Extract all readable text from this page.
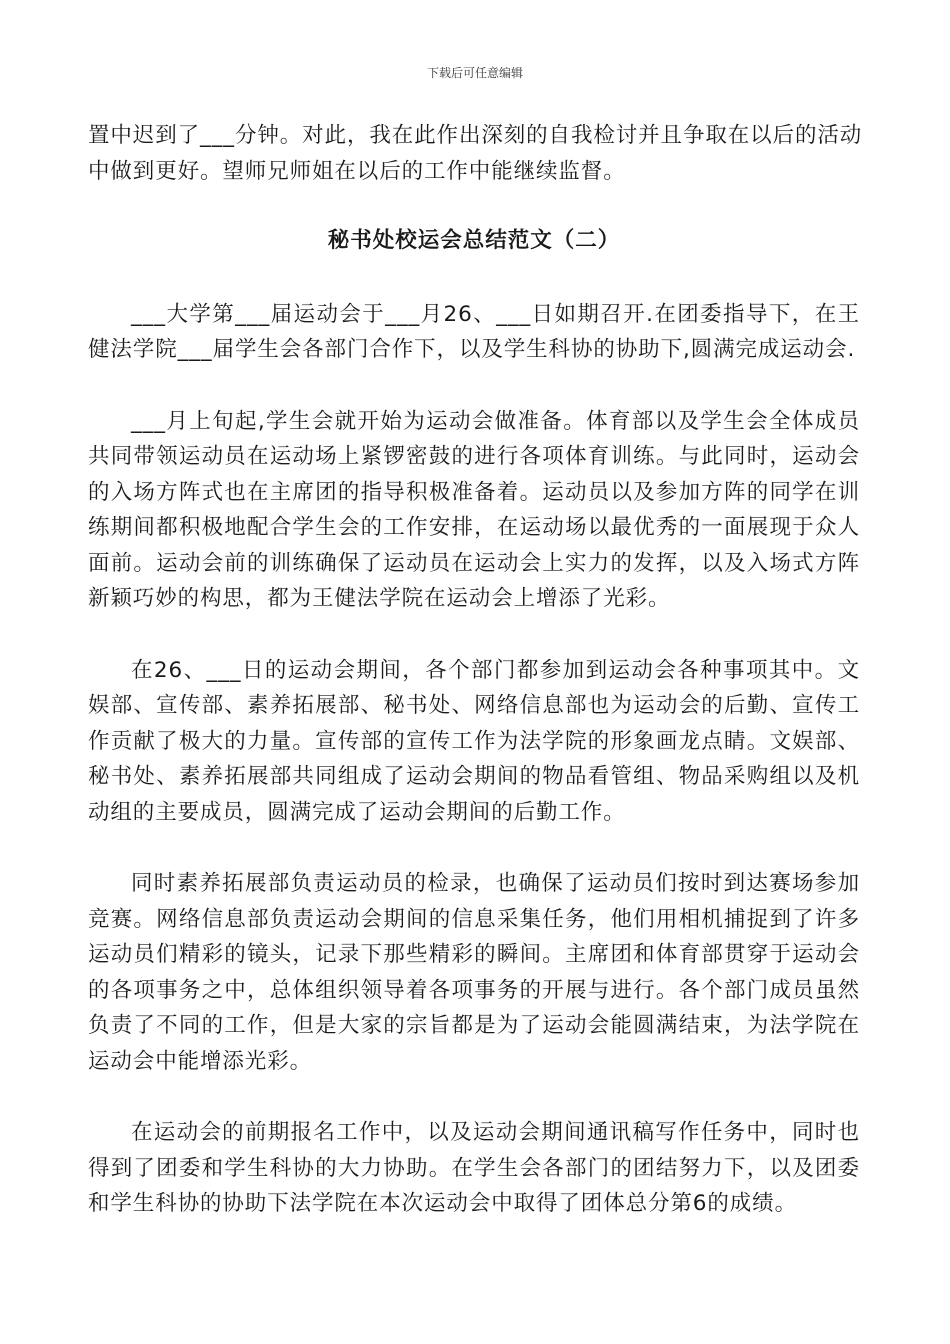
下载后可任意编辑

置中迟到了___分钟。对此，我在此作出深刻的自我检讨并且争取在以后的活动
中做到更好。望师兄师姐在以后的工作中能继续监督。

秘书处校运会总结范文（二）

___大学第___届运动会于___月26、___日如期召开.在团委指导下，在王
健法学院___届学生会各部门合作下，以及学生科协的协助下,圆满完成运动会.

___月上旬起,学生会就开始为运动会做准备。体育部以及学生会全体成员
共同带领运动员在运动场上紧锣密鼓的进行各项体育训练。与此同时，运动会
的入场方阵式也在主席团的指导积极准备着。运动员以及参加方阵的同学在训
练期间都积极地配合学生会的工作安排，在运动场以最优秀的一面展现于众人
面前。运动会前的训练确保了运动员在运动会上实力的发挥，以及入场式方阵
新颖巧妙的构思，都为王健法学院在运动会上增添了光彩。

在26、___日的运动会期间，各个部门都参加到运动会各种事项其中。文
娱部、宣传部、素养拓展部、秘书处、网络信息部也为运动会的后勤、宣传工
作贡献了极大的力量。宣传部的宣传工作为法学院的形象画龙点睛。文娱部、
秘书处、素养拓展部共同组成了运动会期间的物品看管组、物品采购组以及机
动组的主要成员，圆满完成了运动会期间的后勤工作。

同时素养拓展部负责运动员的检录，也确保了运动员们按时到达赛场参加
竞赛。网络信息部负责运动会期间的信息采集任务，他们用相机捕捉到了许多
运动员们精彩的镜头，记录下那些精彩的瞬间。主席团和体育部贯穿于运动会
的各项事务之中，总体组织领导着各项事务的开展与进行。各个部门成员虽然
负责了不同的工作，但是大家的宗旨都是为了运动会能圆满结束，为法学院在
运动会中能增添光彩。

在运动会的前期报名工作中，以及运动会期间通讯稿写作任务中，同时也
得到了团委和学生科协的大力协助。在学生会各部门的团结努力下，以及团委
和学生科协的协助下法学院在本次运动会中取得了团体总分第6的成绩。
